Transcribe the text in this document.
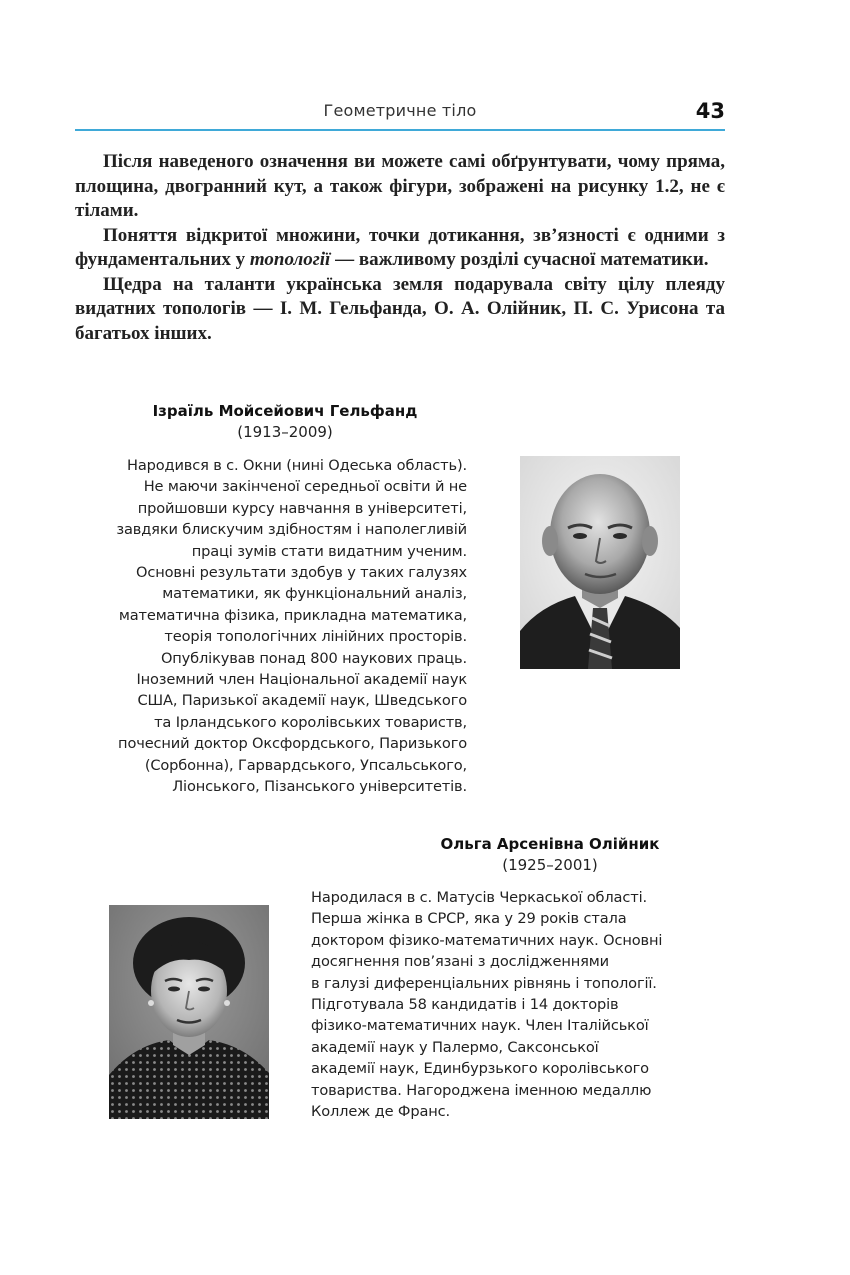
Геометричне тіло	43

Після наведеного означення ви можете самі обґрунтувати, чому пряма, площина, двогранний кут, а також фігури, зображені на рисунку 1.2, не є тілами.

Поняття відкритої множини, точки дотикання, зв’язності є одними з фундаментальних у топології — важливому розділі сучасної математики.

Щедра на таланти українська земля подарувала світу цілу плеяду видатних топологів — І. М. Гельфанда, О. А. Олійник, П. С. Урисона та багатьох інших.

Ізраїль Мойсейович Гельфанд
(1913–2009)
Народився в с. Окни (нині Одеська область).
Не маючи закінченої середньої освіти й не
пройшовши курсу навчання в університеті,
завдяки блискучим здібностям і наполегливій
праці зумів стати видатним ученим.
Основні результати здобув у таких галузях
математики, як функціональний аналіз,
математична фізика, прикладна математика,
теорія топологічних лінійних просторів.
Опублікував понад 800 наукових праць.
Іноземний член Національної академії наук
США, Паризької академії наук, Шведського
та Ірландського королівських товариств,
почесний доктор Оксфордського, Паризького
(Сорбонна), Гарвардського, Упсальського,
Ліонського, Пізанського університетів.
Ольга Арсенівна Олійник
(1925–2001)
Народилася в с. Матусів Черкаської області.
Перша жінка в СРСР, яка у 29 років стала
доктором фізико-математичних наук. Основні
досягнення пов’язані з дослідженнями
в галузі диференціальних рівнянь і топології.
Підготувала 58 кандидатів і 14 докторів
фізико-математичних наук. Член Італійської
академії наук у Палермо, Саксонської
академії наук, Единбурзького королівського
товариства. Нагороджена іменною медаллю
Коллеж де Франс.
